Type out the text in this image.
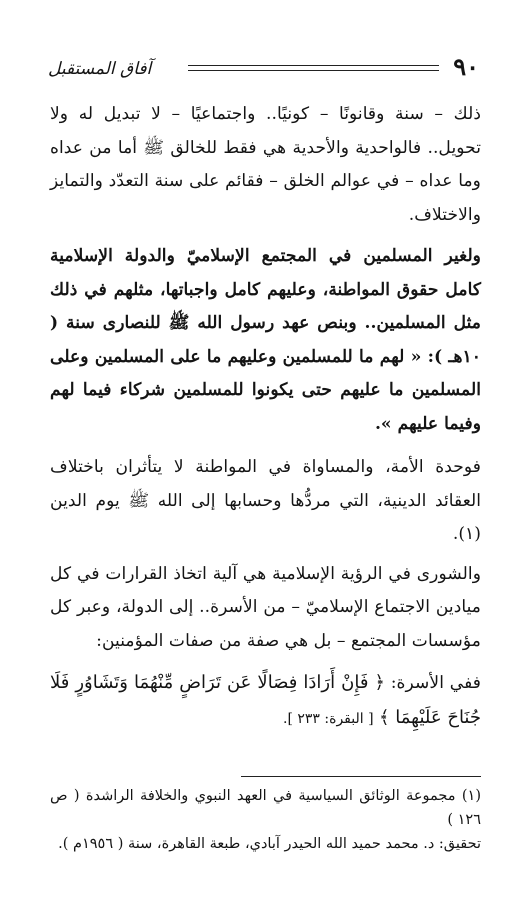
٩٠
آفاق المستقبل

ذلك – سنة وقانونًا – كونيًا.. واجتماعيًا – لا تبديل له ولا تحويل.. فالواحدية والأحدية هي فقط للخالق ﷺ أما من عداه وما عداه – في عوالم الخلق – فقائم على سنة التعدّد والتمايز والاختلاف.

ولغير المسلمين في المجتمع الإسلاميّ والدولة الإسلامية كامل حقوق المواطنة، وعليهم كامل واجباتها، مثلهم في ذلك مثل المسلمين.. وبنص عهد رسول الله ﷺ للنصارى سنة ( ١٠هـ ): « لهم ما للمسلمين وعليهم ما على المسلمين وعلى المسلمين ما عليهم حتى يكونوا للمسلمين شركاء فيما لهم وفيما عليهم ».

فوحدة الأمة، والمساواة في المواطنة لا يتأثران باختلاف العقائد الدينية، التي مردُّها وحسابها إلى الله ﷺ يوم الدين (١).

والشورى في الرؤية الإسلامية هي آلية اتخاذ القرارات في كل ميادين الاجتماع الإسلاميّ – من الأسرة.. إلى الدولة، وعبر كل مؤسسات المجتمع – بل هي صفة من صفات المؤمنين:

ففي الأسرة: ﴿ فَإِنْ أَرَادَا فِصَالًا عَن تَرَاضٍ مِّنْهُمَا وَتَشَاوُرٍ فَلَا جُنَاحَ عَلَيْهِمَا ﴾ [ البقرة: ٢٣٣ ].

(١) مجموعة الوثائق السياسية في العهد النبوي والخلافة الراشدة ( ص ١٢٦ )
تحقيق: د. محمد حميد الله الحيدر آبادي، طبعة القاهرة، سنة ( ١٩٥٦م ).
